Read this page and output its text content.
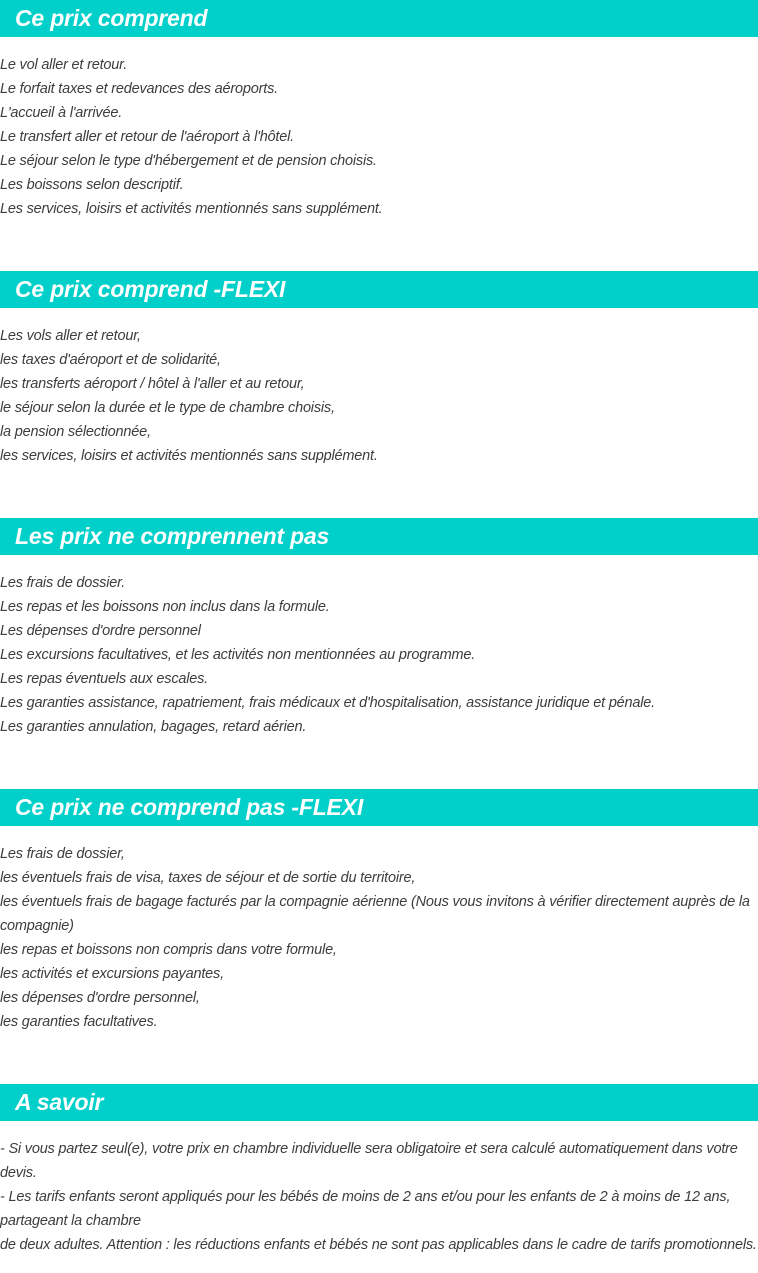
Ce prix comprend

Le vol aller et retour.

Le forfait taxes et redevances des aéroports.

L'accueil à l'arrivée.

Le transfert aller et retour de l'aéroport à l'hôtel.

Le séjour selon le type d'hébergement et de pension choisis.

Les boissons selon descriptif.

Les services, loisirs et activités mentionnés sans supplément.

Ce prix comprend -FLEXI

Les vols aller et retour,

les taxes d'aéroport et de solidarité,

les transferts aéroport / hôtel à l'aller et au retour,

le séjour selon la durée et le type de chambre choisis,

la pension sélectionnée,

les services, loisirs et activités mentionnés sans supplément.

Les prix ne comprennent pas

Les frais de dossier.

Les repas et les boissons non inclus dans la formule.

Les dépenses d'ordre personnel

Les excursions facultatives, et les activités non mentionnées au programme.

Les repas éventuels aux escales.

Les garanties assistance, rapatriement, frais médicaux et d'hospitalisation, assistance juridique et pénale.

Les garanties annulation, bagages, retard aérien.

Ce prix ne comprend pas -FLEXI

Les frais de dossier,

les éventuels frais de visa, taxes de séjour et de sortie du territoire,

les éventuels frais de bagage facturés par la compagnie aérienne (Nous vous invitons à vérifier directement auprès de la compagnie)

les repas et boissons non compris dans votre formule,

les activités et excursions payantes,

les dépenses d'ordre personnel,

les garanties facultatives.

A savoir

- Si vous partez seul(e), votre prix en chambre individuelle sera obligatoire et sera calculé automatiquement dans votre devis.

- Les tarifs enfants seront appliqués pour les bébés de moins de 2 ans et/ou pour les enfants de 2 à moins de 12 ans, partageant la chambre

de deux adultes. Attention : les réductions enfants et bébés ne sont pas applicables dans le cadre de tarifs promotionnels.
